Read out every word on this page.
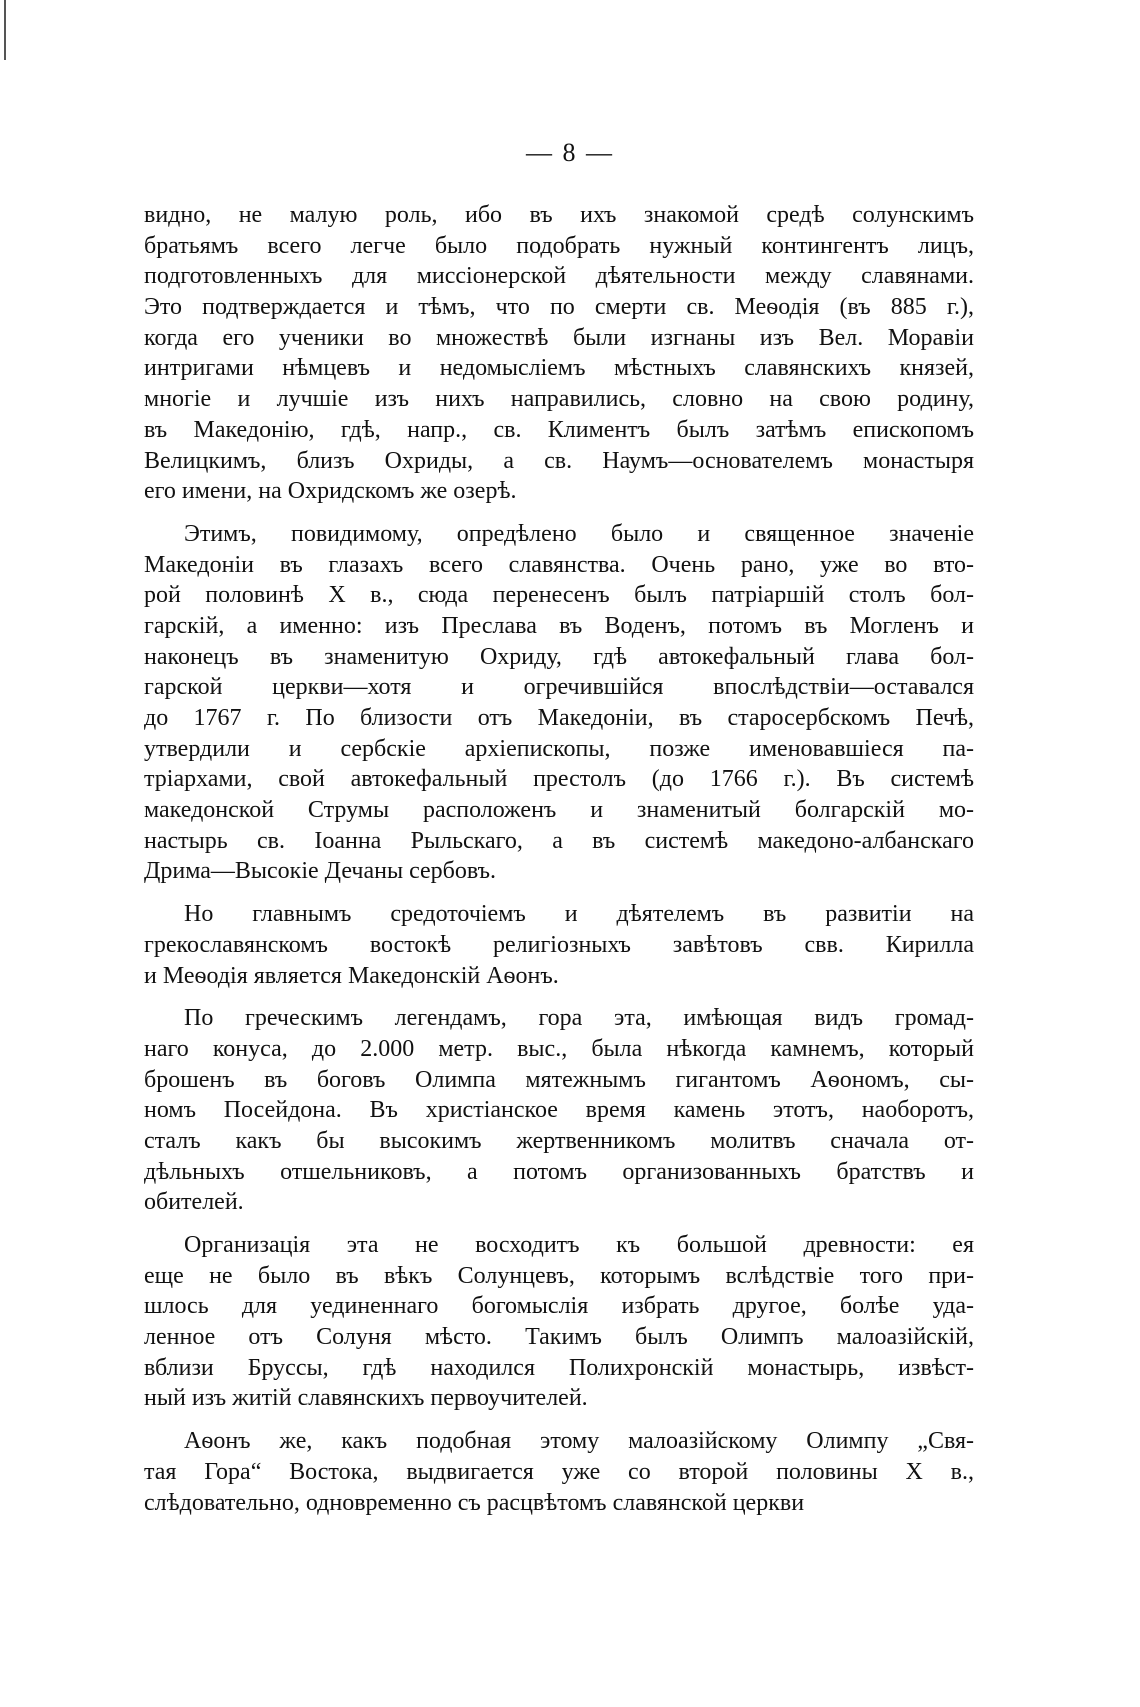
— 8 —
видно, не малую роль, ибо въ ихъ знакомой средѣ солунскимъ
братьямъ всего легче было подобрать нужный контингентъ лицъ,
подготовленныхъ для миссіонерской дѣятельности между славянами.
Это подтверждается и тѣмъ, что по смерти св. Меѳодія (въ 885 г.),
когда его ученики во множествѣ были изгнаны изъ Вел. Моравіи
интригами нѣмцевъ и недомысліемъ мѣстныхъ славянскихъ князей,
многіе и лучшіе изъ нихъ направились, словно на свою родину,
въ Македонію, гдѣ, напр., св. Климентъ былъ затѣмъ епископомъ
Велицкимъ, близъ Охриды, а св. Наумъ—основателемъ монастыря
его имени, на Охридскомъ же озерѣ.
Этимъ, повидимому, опредѣлено было и священное значеніе
Македоніи въ глазахъ всего славянства. Очень рано, уже во вто-
рой половинѣ X в., сюда перенесенъ былъ патріаршій столъ бол-
гарскій, а именно: изъ Преслава въ Воденъ, потомъ въ Могленъ и
наконецъ въ знаменитую Охриду, гдѣ автокефальный глава бол-
гарской церкви—хотя и огречившійся впослѣдствіи—оставался
до 1767 г. По близости отъ Македоніи, въ старосербскомъ Печѣ,
утвердили и сербскіе архіепископы, позже именовавшіеся па-
тріархами, свой автокефальный престолъ (до 1766 г.). Въ системѣ
македонской Струмы расположенъ и знаменитый болгарскій мо-
настырь св. Іоанна Рыльскаго, а въ системѣ македоно-албанскаго
Дрима—Высокіе Дечаны сербовъ.
Но главнымъ средоточіемъ и дѣятелемъ въ развитіи на
грекославянскомъ востокѣ религіозныхъ завѣтовъ свв. Кирилла
и Меѳодія является Македонскій Аѳонъ.
По греческимъ легендамъ, гора эта, имѣющая видъ громад-
наго конуса, до 2.000 метр. выс., была нѣкогда камнемъ, который
брошенъ въ боговъ Олимпа мятежнымъ гигантомъ Аѳономъ, сы-
номъ Посейдона. Въ христіанское время камень этотъ, наоборотъ,
сталъ какъ бы высокимъ жертвенникомъ молитвъ сначала от-
дѣльныхъ отшельниковъ, а потомъ организованныхъ братствъ и
обителей.
Организація эта не восходитъ къ большой древности: ея
еще не было въ вѣкъ Солунцевъ, которымъ вслѣдствіе того при-
шлось для уединеннаго богомыслія избрать другое, болѣе уда-
ленное отъ Солуня мѣсто. Такимъ былъ Олимпъ малоазійскій,
вблизи Бруссы, гдѣ находился Полихронскій монастырь, извѣст-
ный изъ житій славянскихъ первоучителей.
Аѳонъ же, какъ подобная этому малоазійскому Олимпу „Свя-
тая Гора“ Востока, выдвигается уже со второй половины X в.,
слѣдовательно, одновременно съ расцвѣтомъ славянской церкви
